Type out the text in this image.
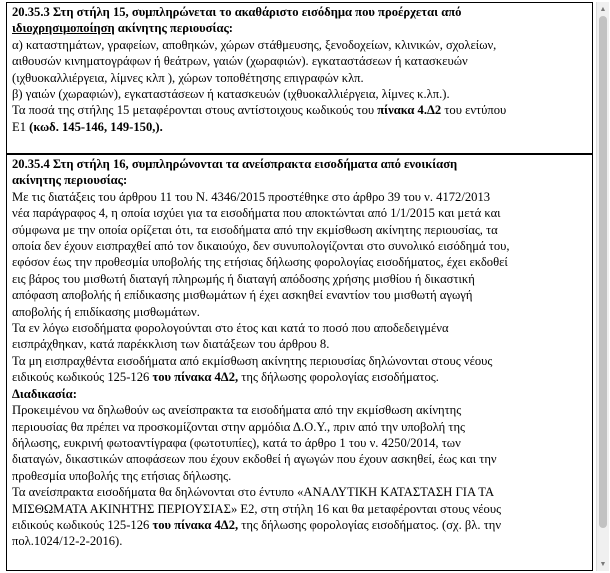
20.35.3 Στη στήλη 15, συμπληρώνεται το ακαθάριστο εισόδημα που προέρχεται από
ιδιοχρησιμοποίηση ακίνητης περιουσίας:
α) καταστημάτων, γραφείων, αποθηκών, χώρων στάθμευσης, ξενοδοχείων, κλινικών, σχολείων,
αιθουσών κινηματογράφων ή θεάτρων, γαιών (χωραφιών). εγκαταστάσεων ή κατασκευών
(ιχθυοκαλλιέργεια, λίμνες κλπ ), χώρων τοποθέτησης επιγραφών κλπ.
β) γαιών (χωραφιών), εγκαταστάσεων ή κατασκευών (ιχθυοκαλλιέργεια, λίμνες κ.λπ.).
Τα ποσά της στήλης 15 μεταφέρονται στους αντίστοιχους κωδικούς του πίνακα 4.Δ2 του εντύπου
Ε1 (κωδ. 145-146, 149-150,).
20.35.4 Στη στήλη 16, συμπληρώνονται τα ανείσπρακτα εισοδήματα από ενοικίαση
ακίνητης περιουσίας:
Με τις διατάξεις του άρθρου 11 του Ν. 4346/2015 προστέθηκε στο άρθρο 39 του ν. 4172/2013
νέα παράγραφος 4, η οποία ισχύει για τα εισοδήματα που αποκτώνται από 1/1/2015 και μετά και
σύμφωνα με την οποία ορίζεται ότι, τα εισοδήματα από την εκμίσθωση ακίνητης περιουσίας, τα
οποία δεν έχουν εισπραχθεί από τον δικαιούχο, δεν συνυπολογίζονται στο συνολικό εισόδημά του,
εφόσον έως την προθεσμία υποβολής της ετήσιας δήλωσης φορολογίας εισοδήματος, έχει εκδοθεί
εις βάρος του μισθωτή διαταγή πληρωμής ή διαταγή απόδοσης χρήσης μισθίου ή δικαστική
απόφαση αποβολής ή επίδικασης μισθωμάτων ή έχει ασκηθεί εναντίον του μισθωτή αγωγή
αποβολής ή επιδίκασης μισθωμάτων.
Τα εν λόγω εισοδήματα φορολογούνται στο έτος και κατά το ποσό που αποδεδειγμένα
εισπράχθηκαν, κατά παρέκκλιση των διατάξεων του άρθρου 8.
Τα μη εισπραχθέντα εισοδήματα από εκμίσθωση ακίνητης περιουσίας δηλώνονται στους νέους
ειδικούς κωδικούς 125-126 του πίνακα 4Δ2, της δήλωσης φορολογίας εισοδήματος.
Διαδικασία:
Προκειμένου να δηλωθούν ως ανείσπρακτα τα εισοδήματα από την εκμίσθωση ακίνητης
περιουσίας θα πρέπει να προσκομίζονται στην αρμόδια Δ.Ο.Υ., πριν από την υποβολή της
δήλωσης, ευκρινή φωτοαντίγραφα (φωτοτυπίες), κατά το άρθρο 1 του ν. 4250/2014, των
διαταγών, δικαστικών αποφάσεων που έχουν εκδοθεί ή αγωγών που έχουν ασκηθεί, έως και την
προθεσμία υποβολής της ετήσιας δήλωσης.
Τα ανείσπρακτα εισοδήματα θα δηλώνονται στο έντυπο «ΑΝΑΛΥΤΙΚΗ ΚΑΤΑΣΤΑΣΗ ΓΙΑ ΤΑ
ΜΙΣΘΩΜΑΤΑ ΑΚΙΝΗΤΗΣ ΠΕΡΙΟΥΣΙΑΣ» Ε2, στη στήλη 16 και θα μεταφέρονται στους νέους
ειδικούς κωδικούς 125-126 του πίνακα 4Δ2, της δήλωσης φορολογίας εισοδήματος. (σχ. βλ. την
πολ.1024/12-2-2016).
▲
▼
